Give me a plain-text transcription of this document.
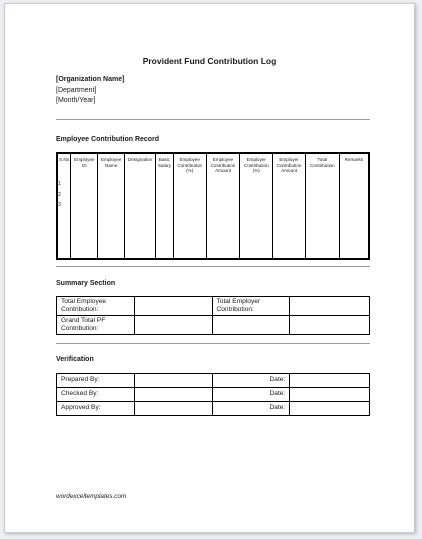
Provident Fund Contribution Log
[Organization Name]
[Department]
[Month/Year]
Employee Contribution Record
S.No	Employee ID	Employee Name	Designation	Basic Salary	Employee Contribution (%)	Employee Contribution Amount	Employer Contribution (%)	Employer Contribution Amount	Total Contribution	Remarks

1
2
3										

Summary Section
Total Employee Contribution:		Total Employer Contribution:	
Grand Total PF Contribution:			
Verification
Prepared By:		Date:	
Checked By:		Date:	
Approved By:		Date:	
wordexceltemplates.com
